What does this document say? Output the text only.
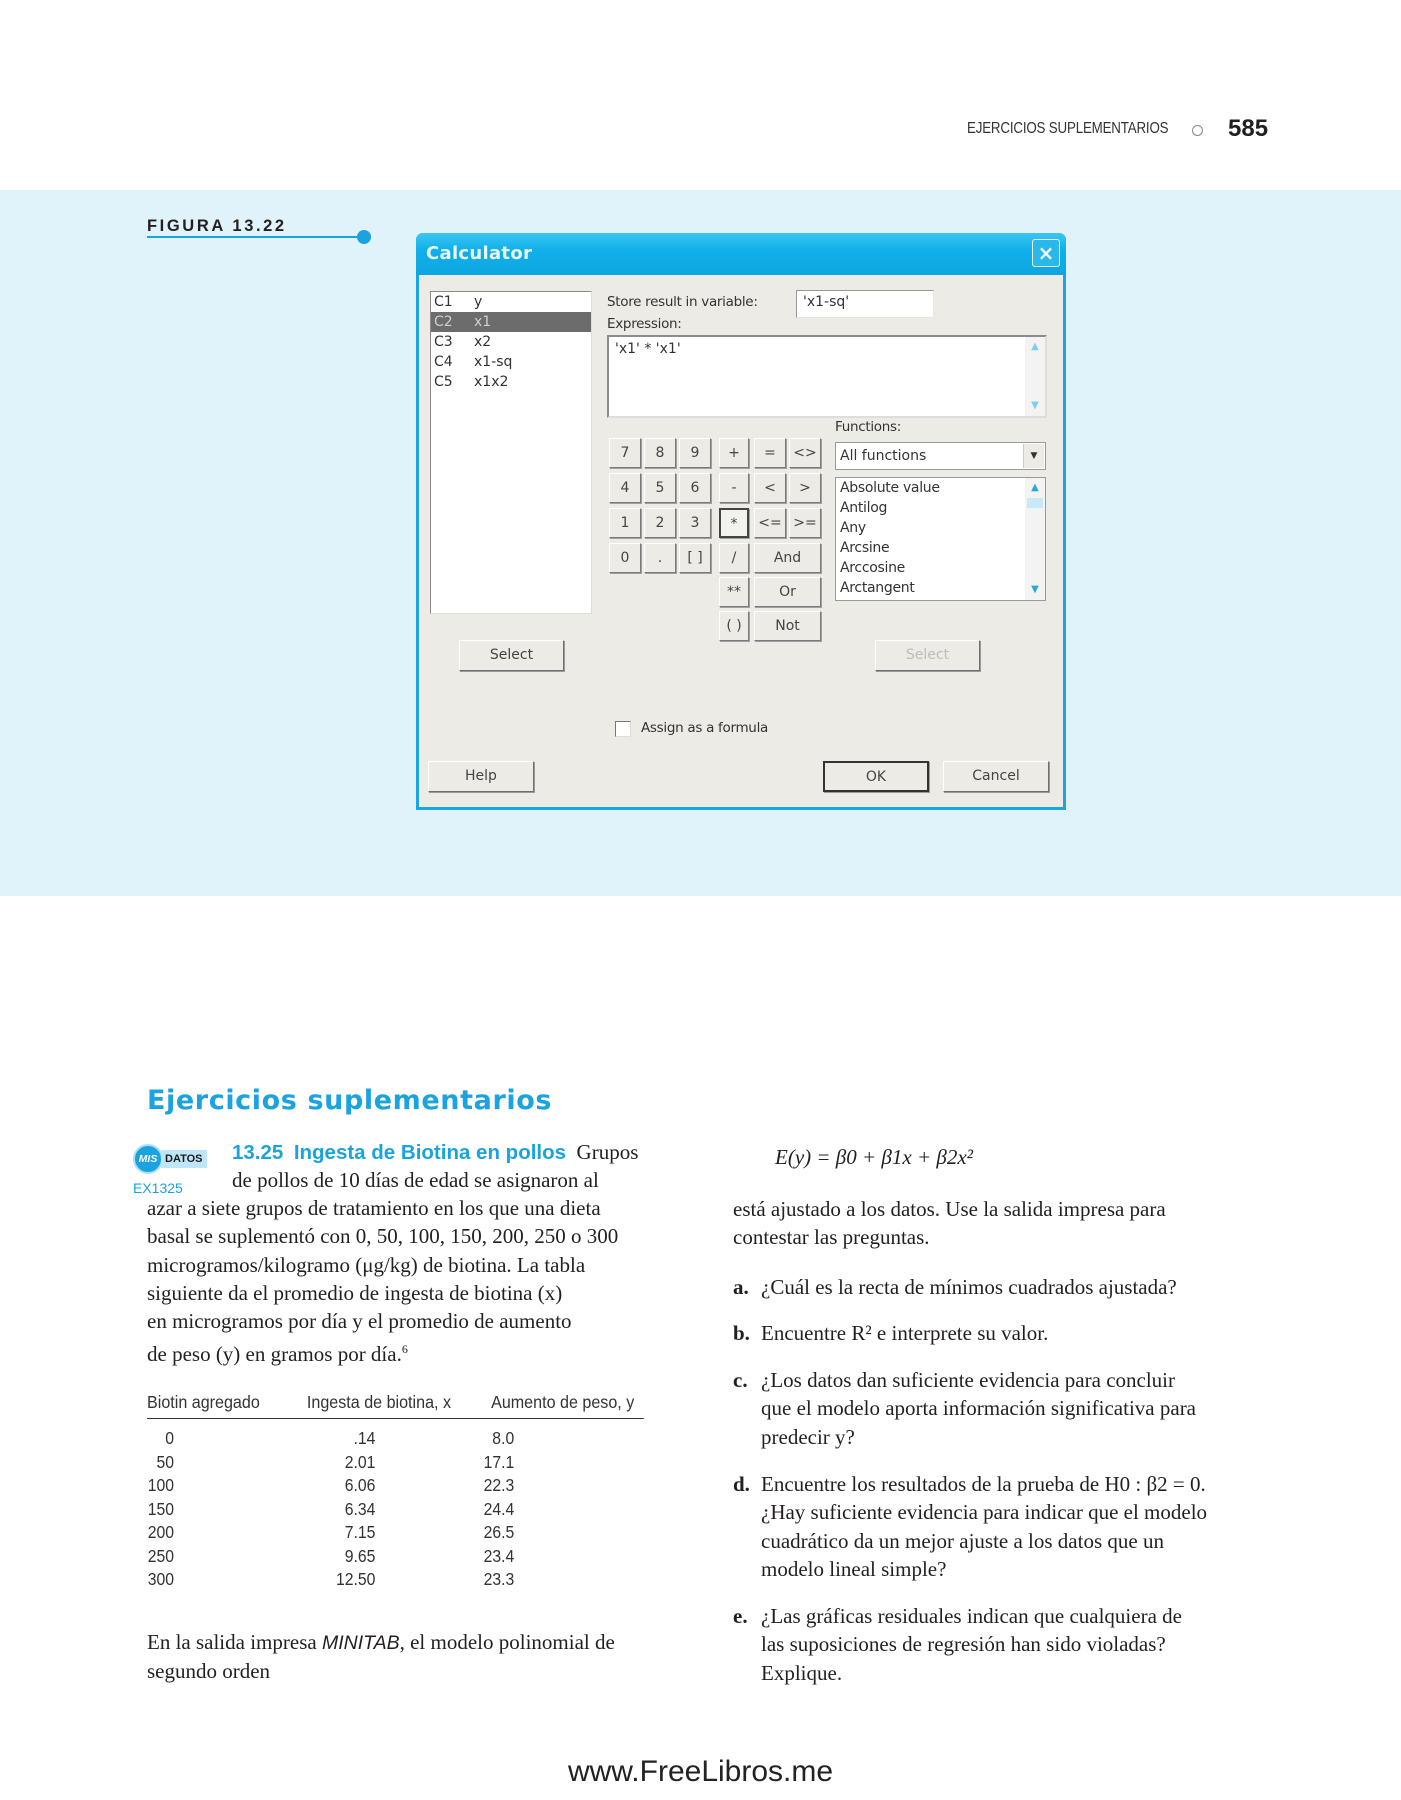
EJERCICIOS SUPLEMENTARIOS 585
FIGURA 13.22
Calculator	×
C1	y
C2	x1
C3	x2
C4	x1-sq
C5	x1x2
Store result in variable:	'x1-sq'
Expression:
'x1' * 'x1'	▲
▼
7	8	9
4	5	6
1	2	3
0	.	[ ]
+
-
*
/
**
( )
=	<>
<	>
<= >=
And
Or
Not
Functions:
All functions	▼
Absolute value
Antilog
Any
Arcsine
Arccosine
Arctangent
▲
▼
Select	Select
Assign as a formula
Help	OK	Cancel
Ejercicios suplementarios
MIS DATOS
EX1325
13.25 Ingesta de Biotina en pollos Grupos
de pollos de 10 días de edad se asignaron al
azar a siete grupos de tratamiento en los que una dieta
basal se suplementó con 0, 50, 100, 150, 200, 250 o 300
microgramos/kilogramo (μg/kg) de biotina. La tabla
siguiente da el promedio de ingesta de biotina (x)
en microgramos por día y el promedio de aumento
de peso (y) en gramos por día.$^6$
Biotin agregado	Ingesta de biotina, x	Aumento de peso, y
0	.14	8.0
50	2.01	17.1
100	6.06	22.3
150	6.34	24.4
200	7.15	26.5
250	9.65	23.4
300	12.50	23.3
En la salida impresa MINITAB, el modelo polinomial de
segundo orden
E(y) = β0 + β1x + β2x²
está ajustado a los datos. Use la salida impresa para
contestar las preguntas.
a. ¿Cuál es la recta de mínimos cuadrados ajustada?
b. Encuentre R² e interprete su valor.
c. ¿Los datos dan suficiente evidencia para concluir
que el modelo aporta información significativa para
predecir y?
d. Encuentre los resultados de la prueba de H0 : β2 = 0.
¿Hay suficiente evidencia para indicar que el modelo
cuadrático da un mejor ajuste a los datos que un
modelo lineal simple?
e. ¿Las gráficas residuales indican que cualquiera de
las suposiciones de regresión han sido violadas?
Explique.
www.FreeLibros.me
